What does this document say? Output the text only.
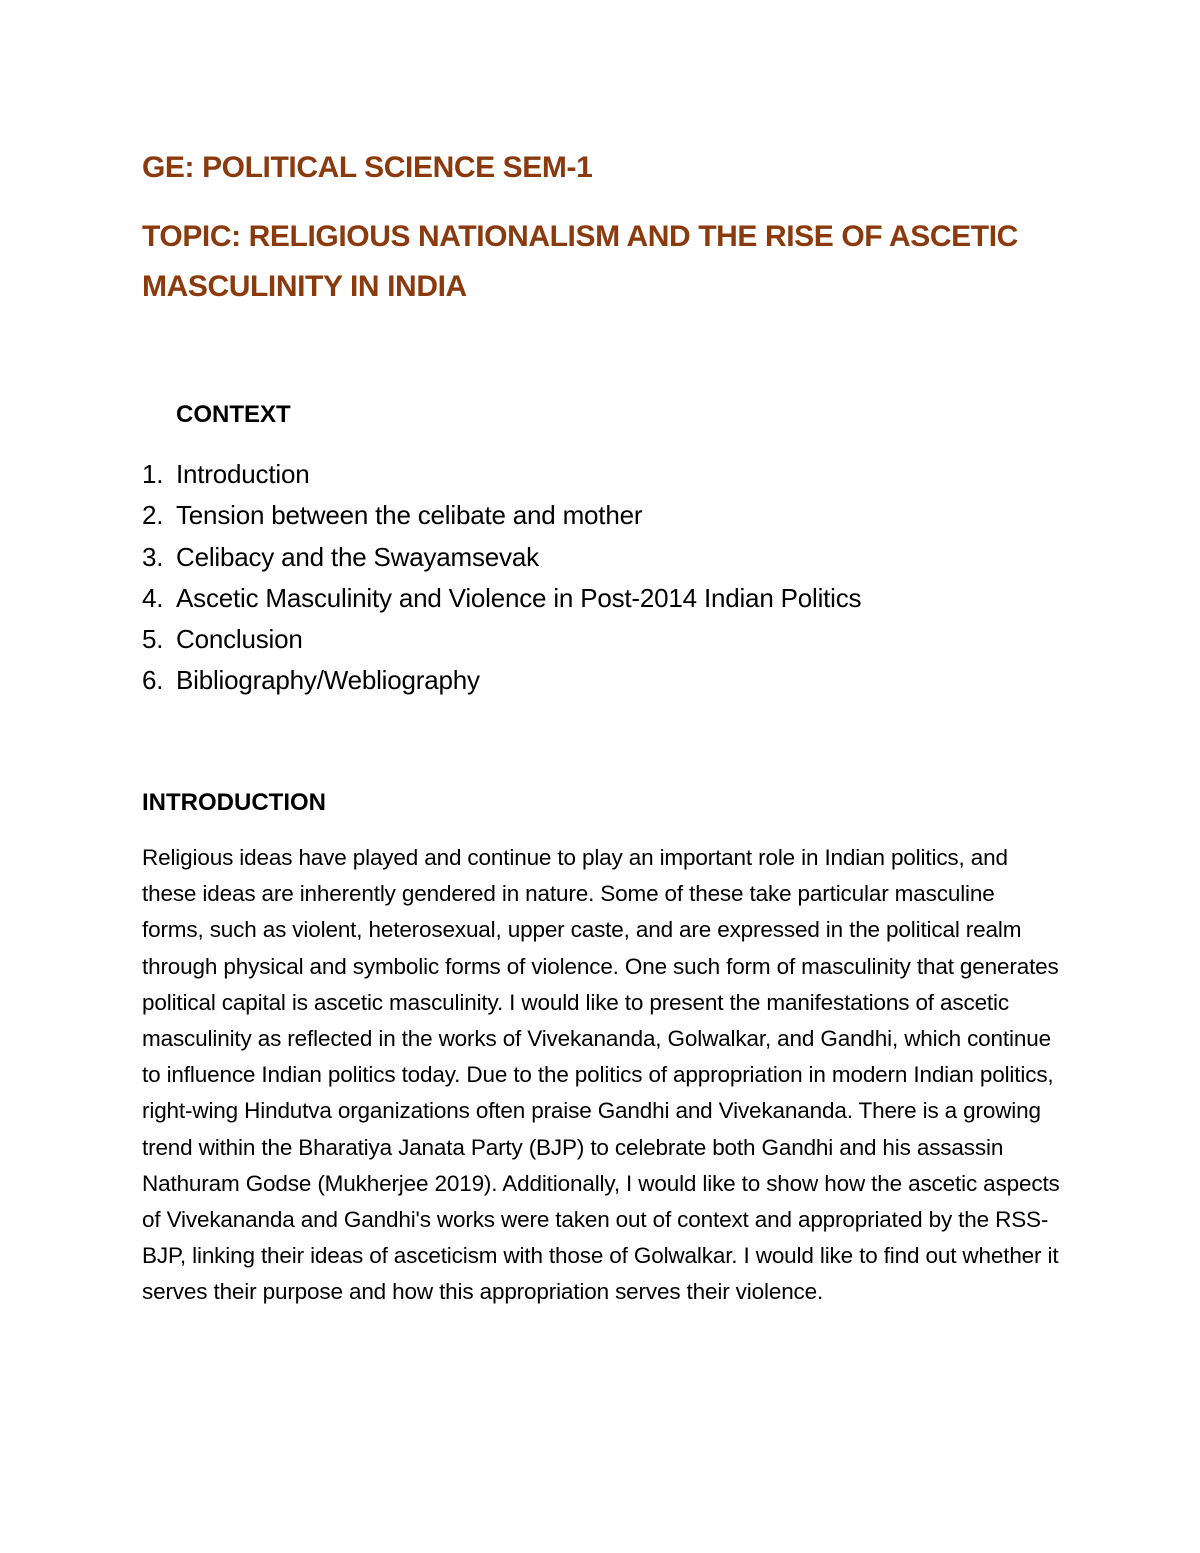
GE: POLITICAL SCIENCE SEM-1
TOPIC: RELIGIOUS NATIONALISM AND THE RISE OF ASCETIC MASCULINITY IN INDIA
CONTEXT
1. Introduction
2. Tension between the celibate and mother
3. Celibacy and the Swayamsevak
4. Ascetic Masculinity and Violence in Post-2014 Indian Politics
5. Conclusion
6. Bibliography/Webliography
INTRODUCTION

Religious ideas have played and continue to play an important role in Indian politics, and these ideas are inherently gendered in nature. Some of these take particular masculine forms, such as violent, heterosexual, upper caste, and are expressed in the political realm through physical and symbolic forms of violence. One such form of masculinity that generates political capital is ascetic masculinity. I would like to present the manifestations of ascetic masculinity as reflected in the works of Vivekananda, Golwalkar, and Gandhi, which continue to influence Indian politics today. Due to the politics of appropriation in modern Indian politics, right-wing Hindutva organizations often praise Gandhi and Vivekananda. There is a growing trend within the Bharatiya Janata Party (BJP) to celebrate both Gandhi and his assassin Nathuram Godse (Mukherjee 2019). Additionally, I would like to show how the ascetic aspects of Vivekananda and Gandhi's works were taken out of context and appropriated by the RSS-BJP, linking their ideas of asceticism with those of Golwalkar. I would like to find out whether it serves their purpose and how this appropriation serves their violence.
